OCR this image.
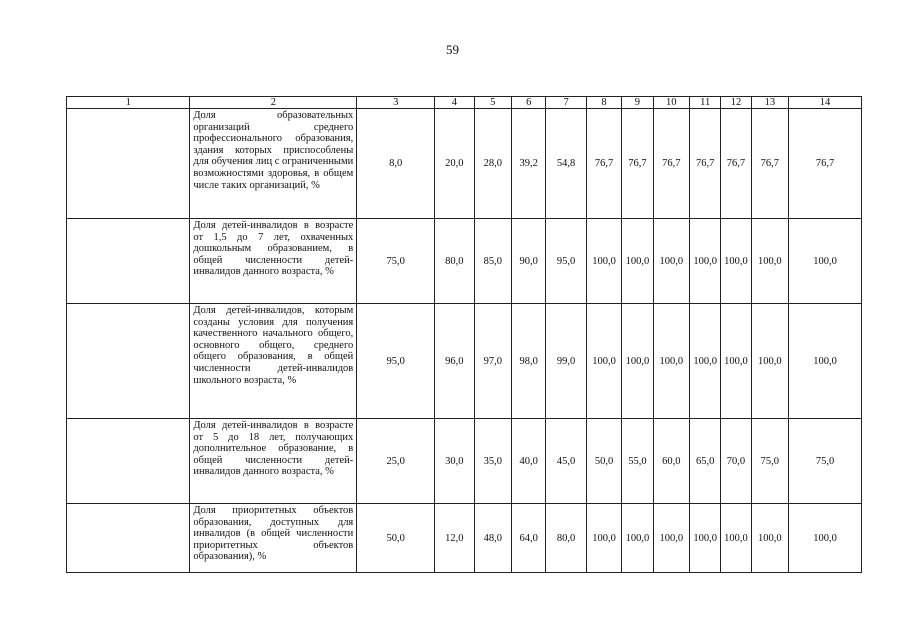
59
1	2	3	4	5	6	7	8	9	10	11	12	13	14
	Доля образовательных организаций среднего профессионального образования, здания которых приспособлены для обучения лиц с ограниченными возможностями здоровья, в общем числе таких организаций, %	8,0	20,0	28,0	39,2	54,8	76,7	76,7	76,7	76,7	76,7	76,7	76,7
	Доля детей-инвалидов в возрасте от 1,5 до 7 лет, охваченных дошкольным образованием, в общей численности детей-инвалидов данного возраста, %	75,0	80,0	85,0	90,0	95,0	100,0	100,0	100,0	100,0	100,0	100,0	100,0
	Доля детей-инвалидов, которым созданы условия для получения качественного начального общего, основного общего, среднего общего образования, в общей численности детей-инвалидов школьного возраста, %	95,0	96,0	97,0	98,0	99,0	100,0	100,0	100,0	100,0	100,0	100,0	100,0
	Доля детей-инвалидов в возрасте от 5 до 18 лет, получающих дополнительное образование, в общей численности детей-инвалидов данного возраста, %	25,0	30,0	35,0	40,0	45,0	50,0	55,0	60,0	65,0	70,0	75,0	75,0
	Доля приоритетных объектов образования, доступных для инвалидов (в общей численности приоритетных объектов образования), %	50,0	12,0	48,0	64,0	80,0	100,0	100,0	100,0	100,0	100,0	100,0	100,0
